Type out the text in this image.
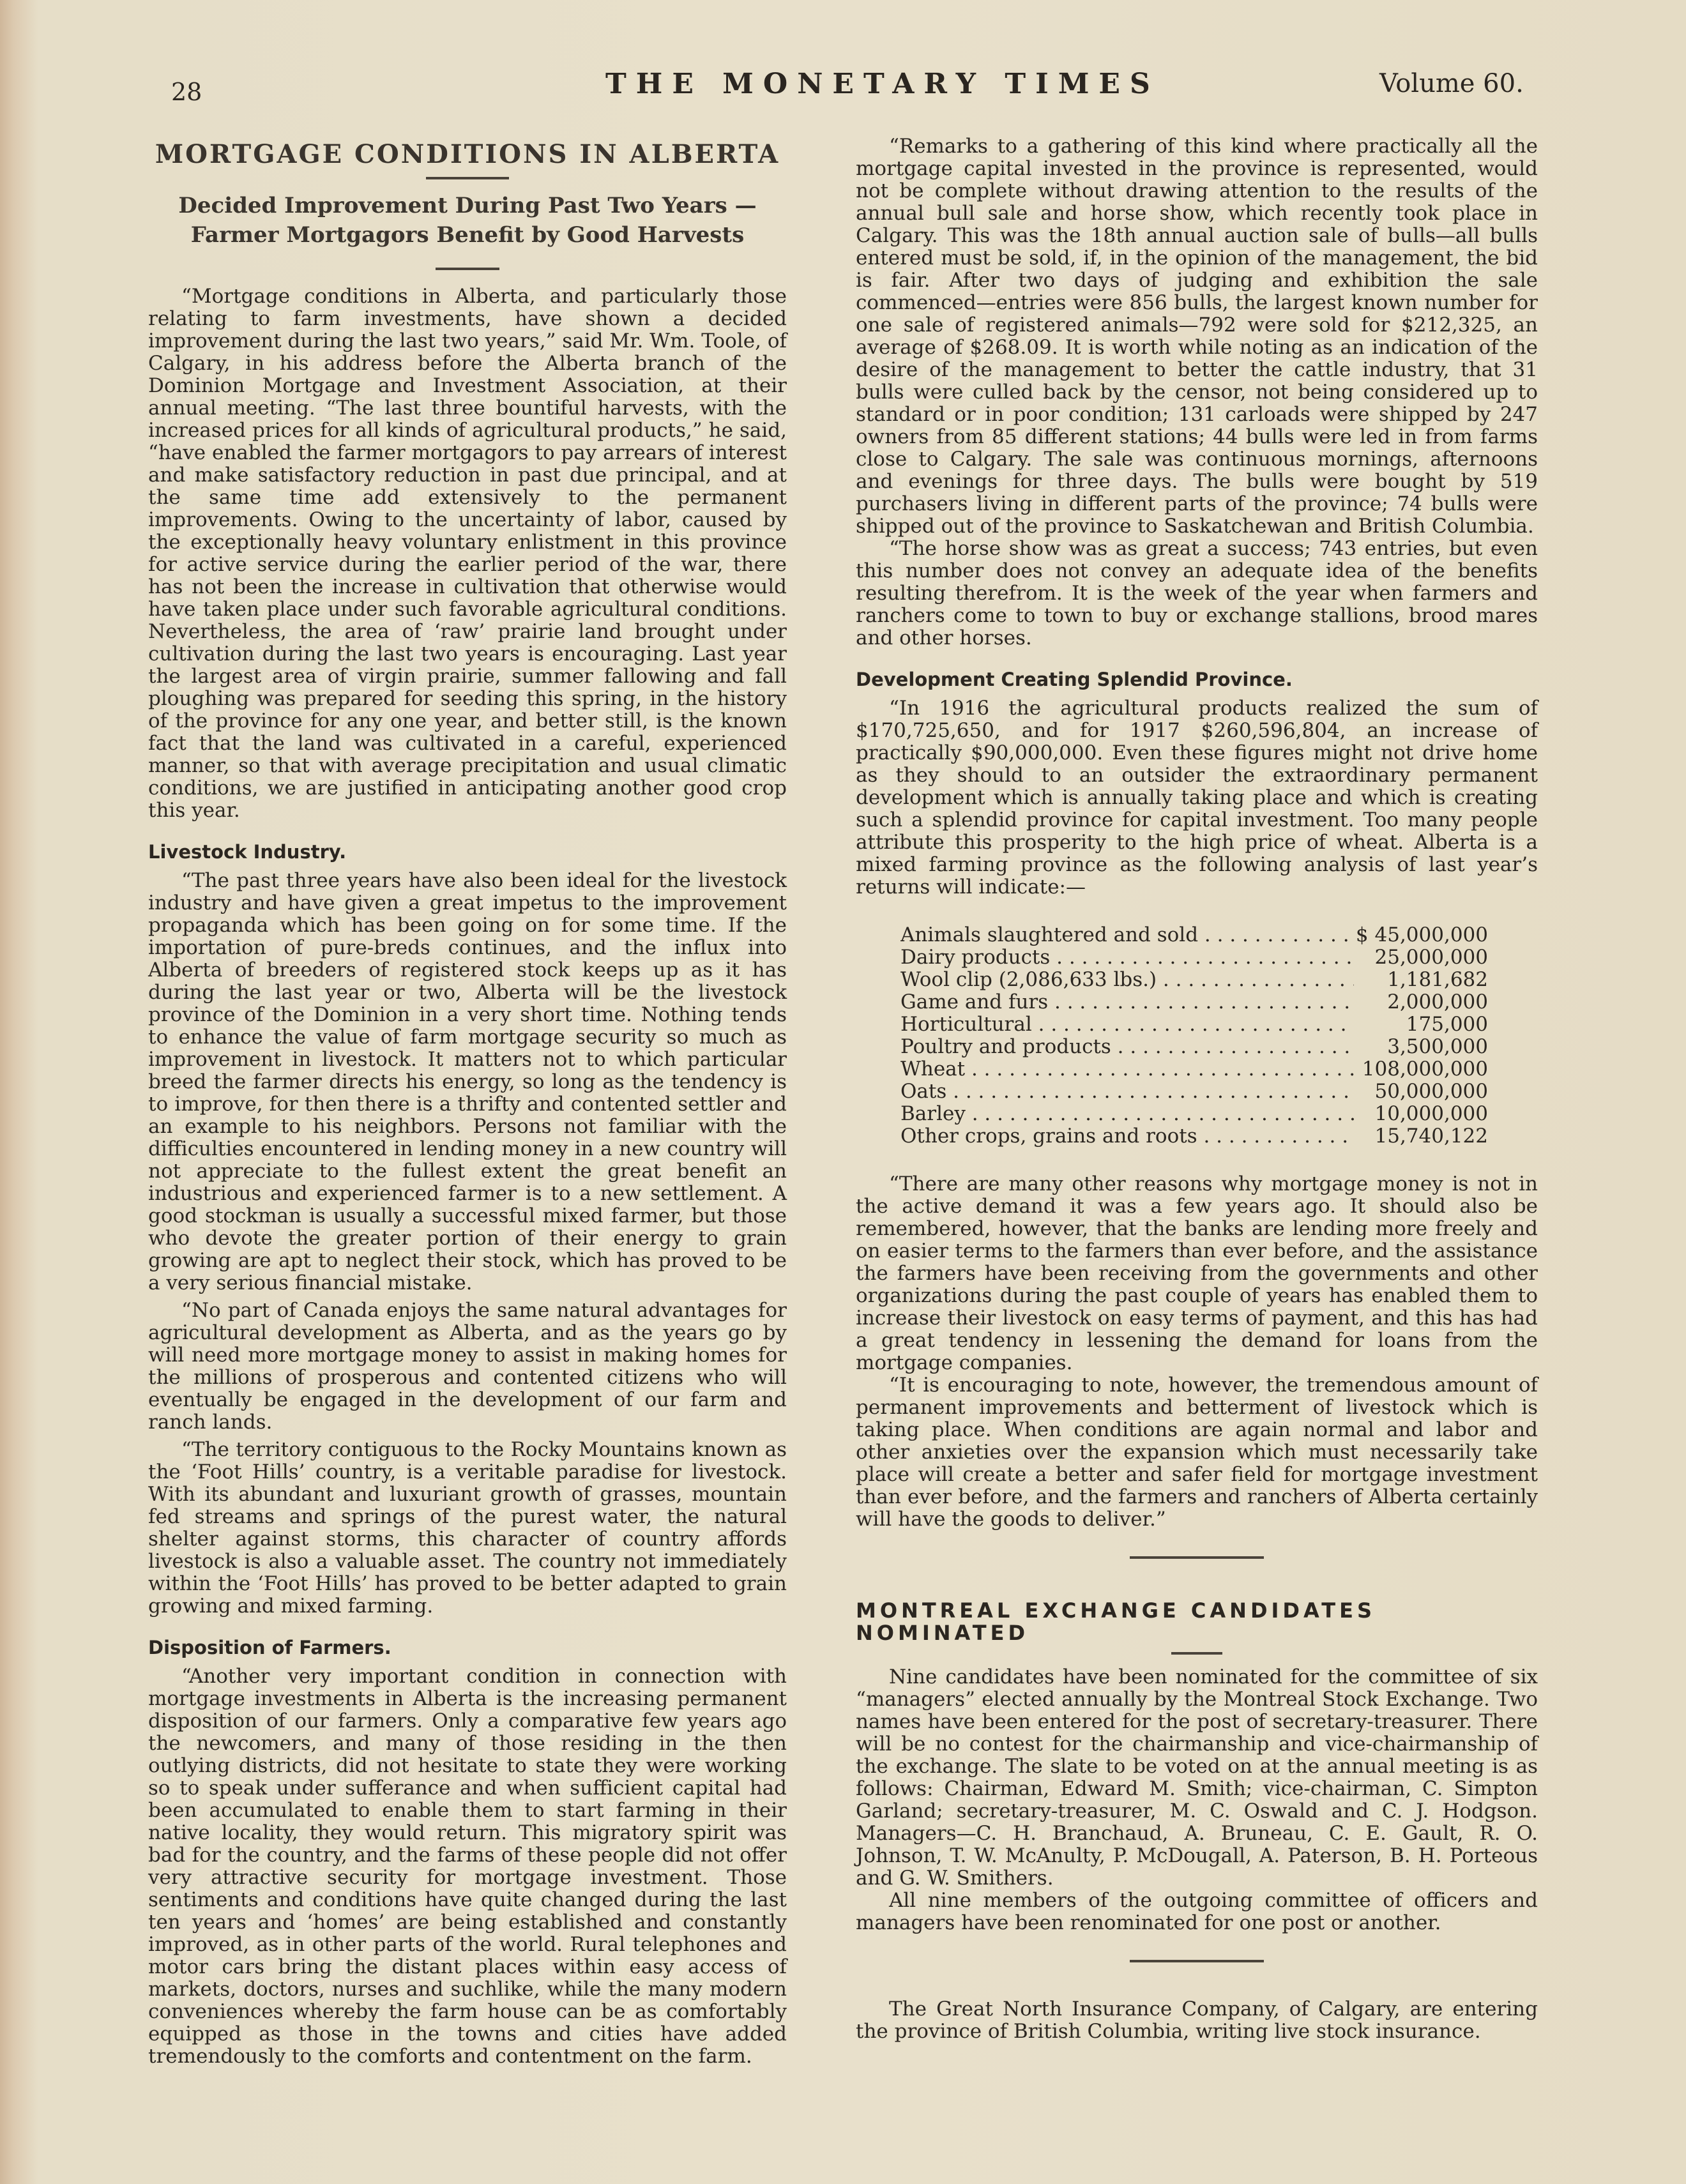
28	THE MONETARY TIMES	Volume 60.
MORTGAGE CONDITIONS IN ALBERTA
Decided Improvement During Past Two Years — Farmer Mortgagors Benefit by Good Harvests

“Mortgage conditions in Alberta, and particularly those relating to farm investments, have shown a decided improvement during the last two years,” said Mr. Wm. Toole, of Calgary, in his address before the Alberta branch of the Dominion Mortgage and Investment Association, at their annual meeting. “The last three bountiful harvests, with the increased prices for all kinds of agricultural products,” he said, “have enabled the farmer mortgagors to pay arrears of interest and make satisfactory reduction in past due principal, and at the same time add extensively to the permanent improvements. Owing to the uncertainty of labor, caused by the exceptionally heavy voluntary enlistment in this province for active service during the earlier period of the war, there has not been the increase in cultivation that otherwise would have taken place under such favorable agricultural conditions. Nevertheless, the area of ‘raw’ prairie land brought under cultivation during the last two years is encouraging. Last year the largest area of virgin prairie, summer fallowing and fall ploughing was prepared for seeding this spring, in the history of the province for any one year, and better still, is the known fact that the land was cultivated in a careful, experienced manner, so that with average precipitation and usual climatic conditions, we are justified in anticipating another good crop this year.

Livestock Industry.

“The past three years have also been ideal for the livestock industry and have given a great impetus to the improvement propaganda which has been going on for some time. If the importation of pure-breds continues, and the influx into Alberta of breeders of registered stock keeps up as it has during the last year or two, Alberta will be the livestock province of the Dominion in a very short time. Nothing tends to enhance the value of farm mortgage security so much as improvement in livestock. It matters not to which particular breed the farmer directs his energy, so long as the tendency is to improve, for then there is a thrifty and contented settler and an example to his neighbors. Persons not familiar with the difficulties encountered in lending money in a new country will not appreciate to the fullest extent the great benefit an industrious and experienced farmer is to a new settlement. A good stockman is usually a successful mixed farmer, but those who devote the greater portion of their energy to grain growing are apt to neglect their stock, which has proved to be a very serious financial mistake.

“No part of Canada enjoys the same natural advantages for agricultural development as Alberta, and as the years go by will need more mortgage money to assist in making homes for the millions of prosperous and contented citizens who will eventually be engaged in the development of our farm and ranch lands.

“The territory contiguous to the Rocky Mountains known as the ‘Foot Hills’ country, is a veritable paradise for livestock. With its abundant and luxuriant growth of grasses, mountain fed streams and springs of the purest water, the natural shelter against storms, this character of country affords livestock is also a valuable asset. The country not immediately within the ‘Foot Hills’ has proved to be better adapted to grain growing and mixed farming.

Disposition of Farmers.

“Another very important condition in connection with mortgage investments in Alberta is the increasing permanent disposition of our farmers. Only a comparative few years ago the newcomers, and many of those residing in the then outlying districts, did not hesitate to state they were working so to speak under sufferance and when sufficient capital had been accumulated to enable them to start farming in their native locality, they would return. This migratory spirit was bad for the country, and the farms of these people did not offer very attractive security for mortgage investment. Those sentiments and conditions have quite changed during the last ten years and ‘homes’ are being established and constantly improved, as in other parts of the world. Rural telephones and motor cars bring the distant places within easy access of markets, doctors, nurses and suchlike, while the many modern conveniences whereby the farm house can be as comfortably equipped as those in the towns and cities have added tremendously to the comforts and contentment on the farm.

“Remarks to a gathering of this kind where practically all the mortgage capital invested in the province is represented, would not be complete without drawing attention to the results of the annual bull sale and horse show, which recently took place in Calgary. This was the 18th annual auction sale of bulls—all bulls entered must be sold, if, in the opinion of the management, the bid is fair. After two days of judging and exhibition the sale commenced—entries were 856 bulls, the largest known number for one sale of registered animals—792 were sold for $212,325, an average of $268.09. It is worth while noting as an indication of the desire of the management to better the cattle industry, that 31 bulls were culled back by the censor, not being considered up to standard or in poor condition; 131 carloads were shipped by 247 owners from 85 different stations; 44 bulls were led in from farms close to Calgary. The sale was continuous mornings, afternoons and evenings for three days. The bulls were bought by 519 purchasers living in different parts of the province; 74 bulls were shipped out of the province to Saskatchewan and British Columbia.

“The horse show was as great a success; 743 entries, but even this number does not convey an adequate idea of the benefits resulting therefrom. It is the week of the year when farmers and ranchers come to town to buy or exchange stallions, brood mares and other horses.

Development Creating Splendid Province.

“In 1916 the agricultural products realized the sum of $170,725,650, and for 1917 $260,596,804, an increase of practically $90,000,000. Even these figures might not drive home as they should to an outsider the extraordinary permanent development which is annually taking place and which is creating such a splendid province for capital investment. Too many people attribute this prosperity to the high price of wheat. Alberta is a mixed farming province as the following analysis of last year’s returns will indicate:—

Animals slaughtered and sold . . .	$ 45,000,000
Dairy products . . .	25,000,000
Wool clip (2,086,633 lbs.) . . .	1,181,682
Game and furs . . .	2,000,000
Horticultural . . .	175,000
Poultry and products . . .	3,500,000
Wheat . . .	108,000,000
Oats . . .	50,000,000
Barley . . .	10,000,000
Other crops, grains and roots . . .	15,740,122

“There are many other reasons why mortgage money is not in the active demand it was a few years ago. It should also be remembered, however, that the banks are lending more freely and on easier terms to the farmers than ever before, and the assistance the farmers have been receiving from the governments and other organizations during the past couple of years has enabled them to increase their livestock on easy terms of payment, and this has had a great tendency in lessening the demand for loans from the mortgage companies.

“It is encouraging to note, however, the tremendous amount of permanent improvements and betterment of livestock which is taking place. When conditions are again normal and labor and other anxieties over the expansion which must necessarily take place will create a better and safer field for mortgage investment than ever before, and the farmers and ranchers of Alberta certainly will have the goods to deliver.”

MONTREAL EXCHANGE CANDIDATES NOMINATED

Nine candidates have been nominated for the committee of six “managers” elected annually by the Montreal Stock Exchange. Two names have been entered for the post of secretary-treasurer. There will be no contest for the chairmanship and vice-chairmanship of the exchange. The slate to be voted on at the annual meeting is as follows: Chairman, Edward M. Smith; vice-chairman, C. Simpton Garland; secretary-treasurer, M. C. Oswald and C. J. Hodgson. Managers—C. H. Branchaud, A. Bruneau, C. E. Gault, R. O. Johnson, T. W. McAnulty, P. McDougall, A. Paterson, B. H. Porteous and G. W. Smithers.

All nine members of the outgoing committee of officers and managers have been renominated for one post or another.

The Great North Insurance Company, of Calgary, are entering the province of British Columbia, writing live stock insurance.
